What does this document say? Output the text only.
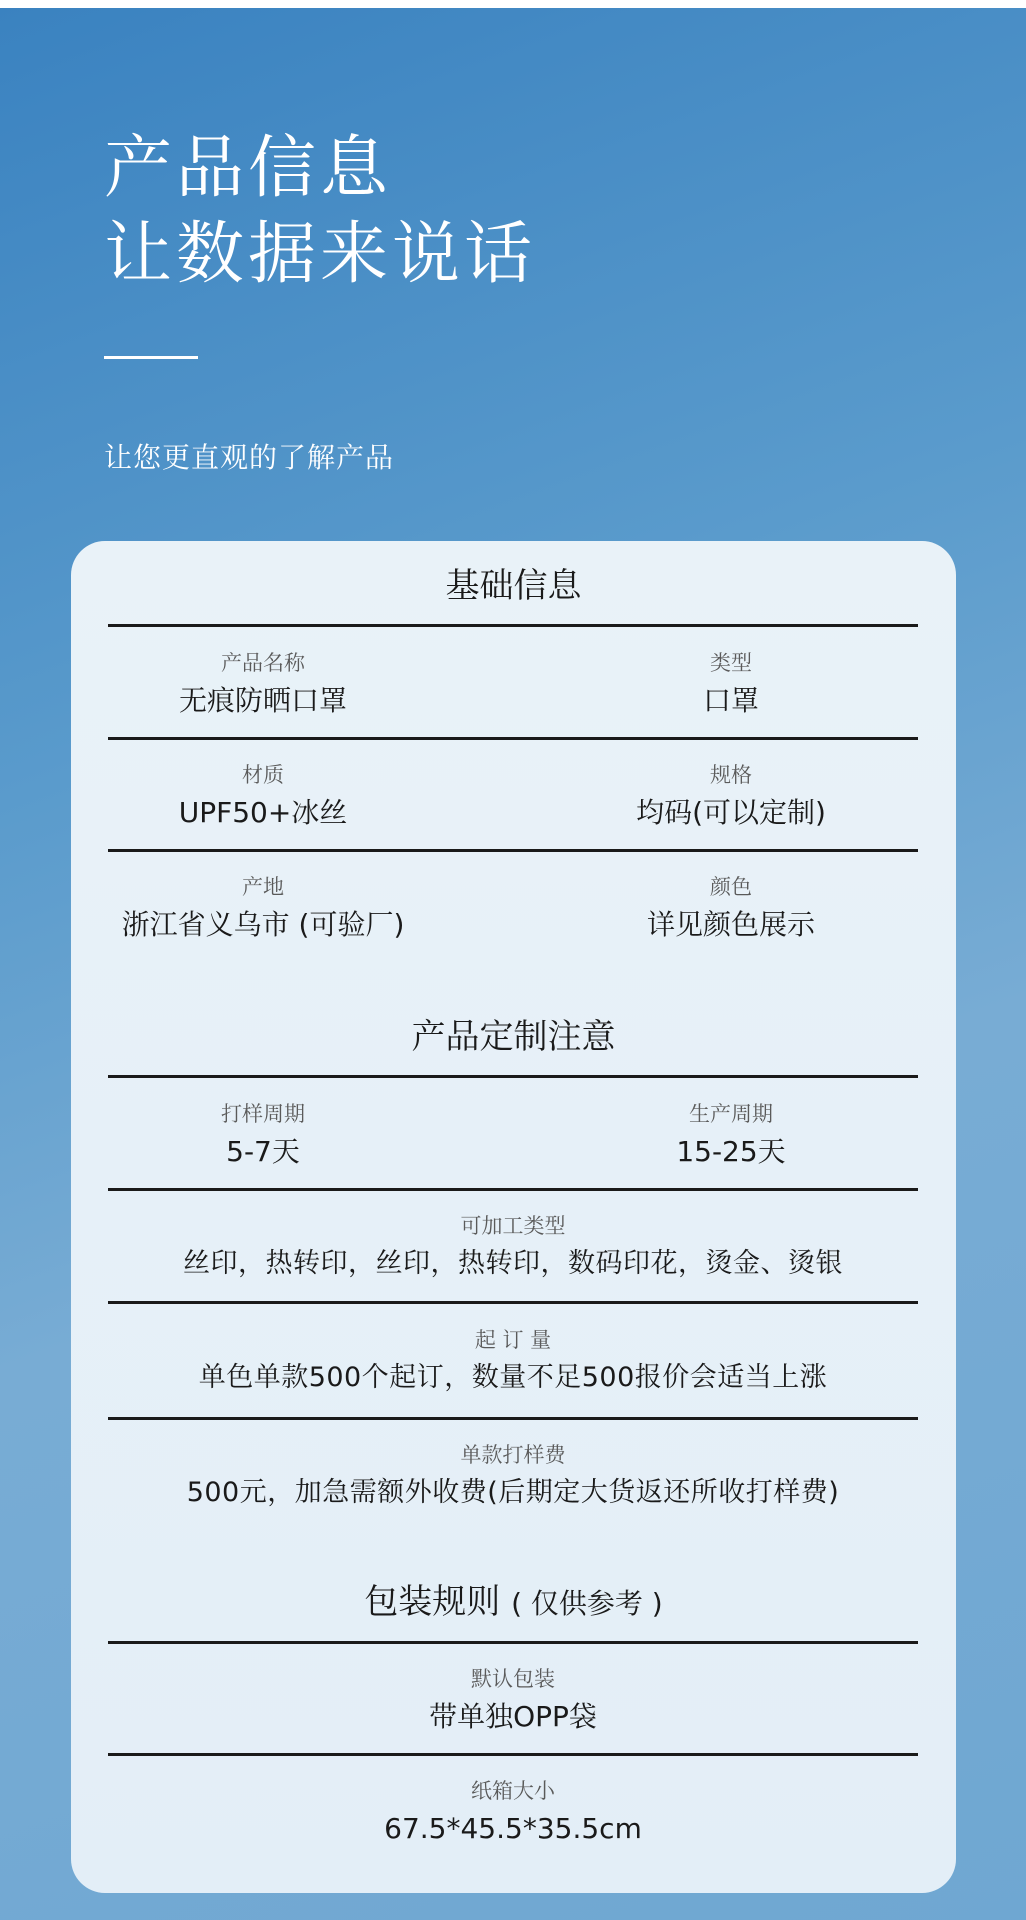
产品信息
让数据来说话
让您更直观的了解产品
基础信息
产品名称
无痕防晒口罩
类型
口罩
材质
UPF50+冰丝
规格
均码(可以定制)
产地
浙江省义乌市 (可验厂)
颜色
详见颜色展示
产品定制注意
打样周期
5-7天
生产周期
15-25天
可加工类型
丝印，热转印，丝印，热转印，数码印花，烫金、烫银
起 订 量
单色单款500个起订，数量不足500报价会适当上涨
单款打样费
500元，加急需额外收费(后期定大货返还所收打样费)
包装规则 ( 仅供参考 )
默认包装
带单独OPP袋
纸箱大小
67.5*45.5*35.5cm
